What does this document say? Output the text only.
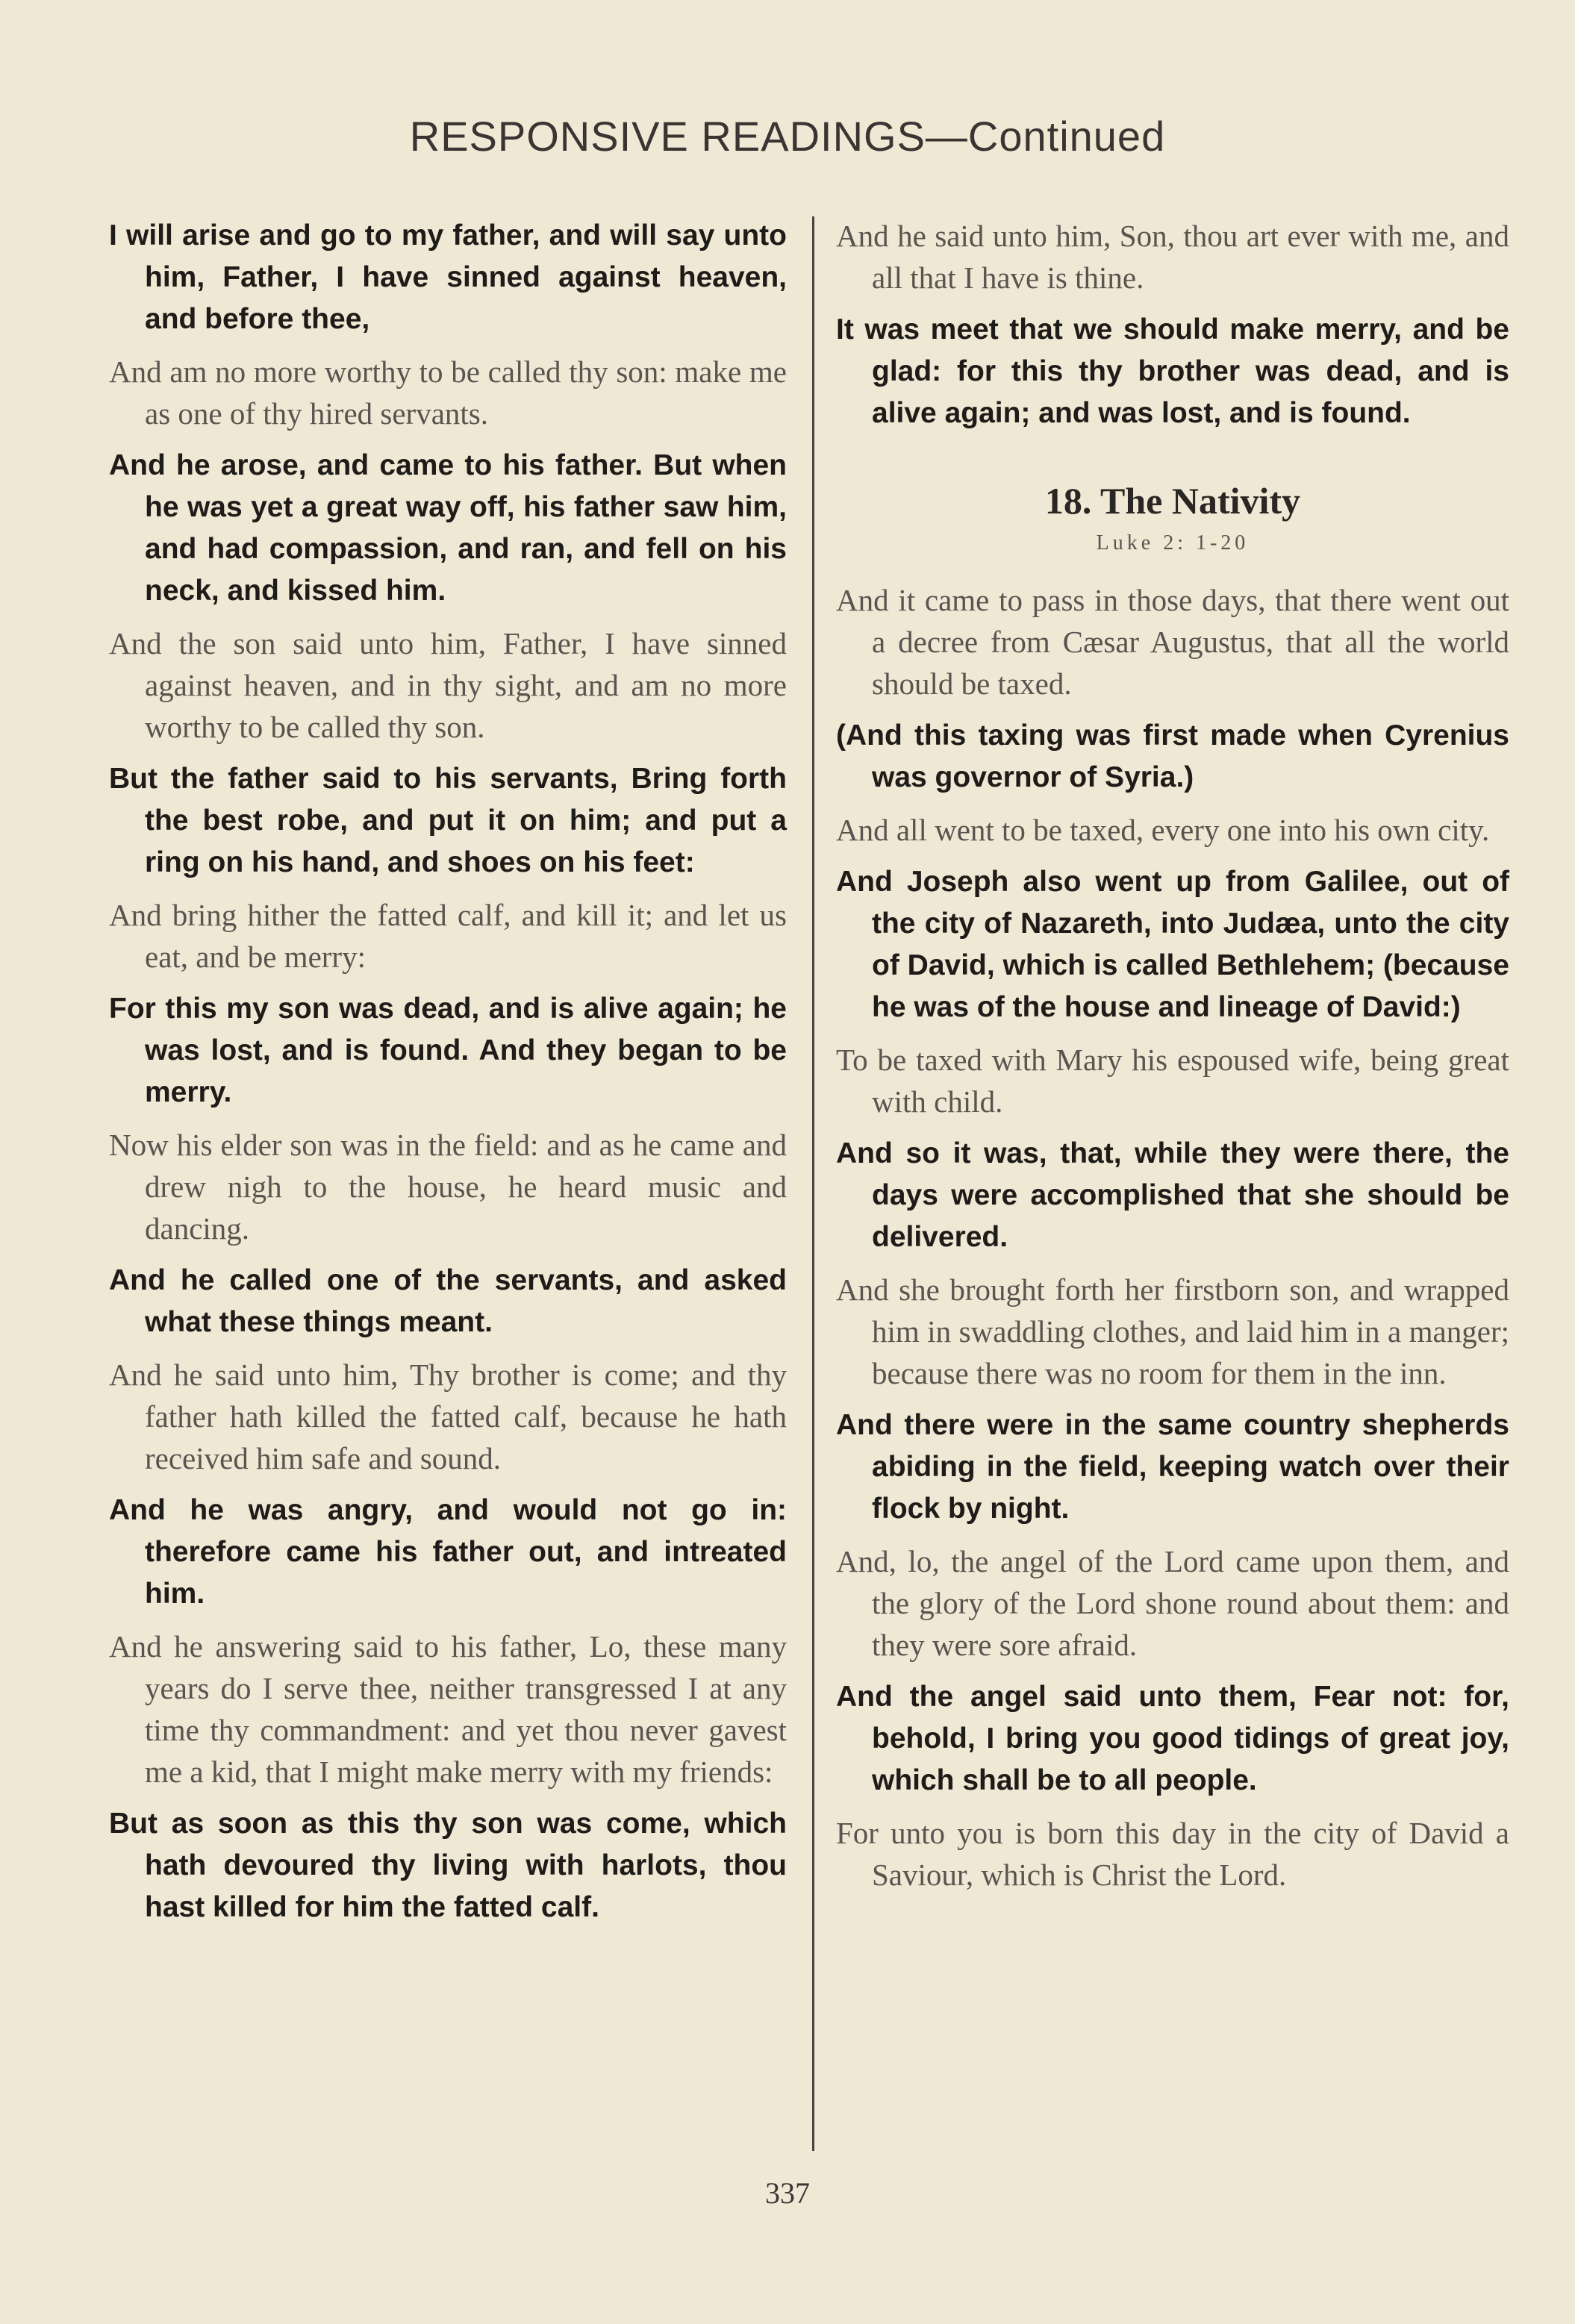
RESPONSIVE READINGS—Continued

I will arise and go to my father, and will say unto him, Father, I have sinned against heaven, and before thee,

And am no more worthy to be called thy son: make me as one of thy hired servants.

And he arose, and came to his father. But when he was yet a great way off, his father saw him, and had compassion, and ran, and fell on his neck, and kissed him.

And the son said unto him, Father, I have sinned against heaven, and in thy sight, and am no more worthy to be called thy son.

But the father said to his servants, Bring forth the best robe, and put it on him; and put a ring on his hand, and shoes on his feet:

And bring hither the fatted calf, and kill it; and let us eat, and be merry:

For this my son was dead, and is alive again; he was lost, and is found. And they began to be merry.

Now his elder son was in the field: and as he came and drew nigh to the house, he heard music and dancing.

And he called one of the servants, and asked what these things meant.

And he said unto him, Thy brother is come; and thy father hath killed the fatted calf, because he hath received him safe and sound.

And he was angry, and would not go in: therefore came his father out, and intreated him.

And he answering said to his father, Lo, these many years do I serve thee, neither transgressed I at any time thy commandment: and yet thou never gavest me a kid, that I might make merry with my friends:

But as soon as this thy son was come, which hath devoured thy living with harlots, thou hast killed for him the fatted calf.

And he said unto him, Son, thou art ever with me, and all that I have is thine.

It was meet that we should make merry, and be glad: for this thy brother was dead, and is alive again; and was lost, and is found.

18. The Nativity
Luke 2: 1-20

And it came to pass in those days, that there went out a decree from Cæsar Augustus, that all the world should be taxed.

(And this taxing was first made when Cyrenius was governor of Syria.)

And all went to be taxed, every one into his own city.

And Joseph also went up from Galilee, out of the city of Nazareth, into Judæa, unto the city of David, which is called Bethlehem; (because he was of the house and lineage of David:)

To be taxed with Mary his espoused wife, being great with child.

And so it was, that, while they were there, the days were accomplished that she should be delivered.

And she brought forth her firstborn son, and wrapped him in swaddling clothes, and laid him in a manger; because there was no room for them in the inn.

And there were in the same country shepherds abiding in the field, keeping watch over their flock by night.

And, lo, the angel of the Lord came upon them, and the glory of the Lord shone round about them: and they were sore afraid.

And the angel said unto them, Fear not: for, behold, I bring you good tidings of great joy, which shall be to all people.

For unto you is born this day in the city of David a Saviour, which is Christ the Lord.

337
